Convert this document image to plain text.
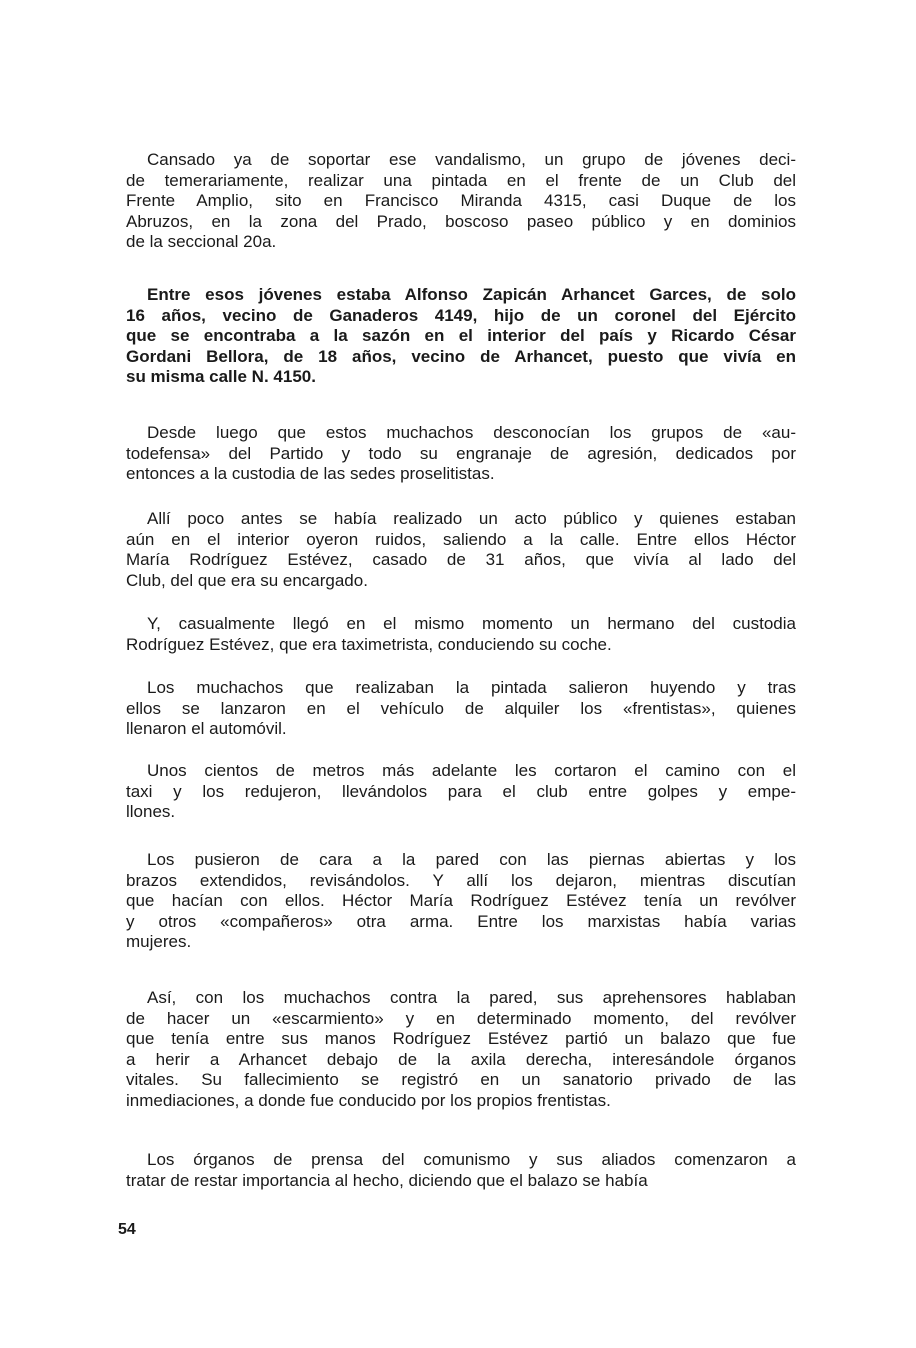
Cansado ya de soportar ese vandalismo, un grupo de jóvenes deci-
de temerariamente, realizar una pintada en el frente de un Club del
Frente Amplio, sito en Francisco Miranda 4315, casi Duque de los
Abruzos, en la zona del Prado, boscoso paseo público y en dominios
de la seccional 20a.
Entre esos jóvenes estaba Alfonso Zapicán Arhancet Garces, de solo
16 años, vecino de Ganaderos 4149, hijo de un coronel del Ejército
que se encontraba a la sazón en el interior del país y Ricardo César
Gordani Bellora, de 18 años, vecino de Arhancet, puesto que vivía en
su misma calle N. 4150.
Desde luego que estos muchachos desconocían los grupos de «au-
todefensa» del Partido y todo su engranaje de agresión, dedicados por
entonces a la custodia de las sedes proselitistas.
Allí poco antes se había realizado un acto público y quienes estaban
aún en el interior oyeron ruidos, saliendo a la calle. Entre ellos Héctor
María Rodríguez Estévez, casado de 31 años, que vivía al lado del
Club, del que era su encargado.
Y, casualmente llegó en el mismo momento un hermano del custodia
Rodríguez Estévez, que era taximetrista, conduciendo su coche.
Los muchachos que realizaban la pintada salieron huyendo y tras
ellos se lanzaron en el vehículo de alquiler los «frentistas», quienes
llenaron el automóvil.
Unos cientos de metros más adelante les cortaron el camino con el
taxi y los redujeron, llevándolos para el club entre golpes y empe-
llones.
Los pusieron de cara a la pared con las piernas abiertas y los
brazos extendidos, revisándolos. Y allí los dejaron, mientras discutían
que hacían con ellos. Héctor María Rodríguez Estévez tenía un revólver
y otros «compañeros» otra arma. Entre los marxistas había varias
mujeres.
Así, con los muchachos contra la pared, sus aprehensores hablaban
de hacer un «escarmiento» y en determinado momento, del revólver
que tenía entre sus manos Rodríguez Estévez partió un balazo que fue
a herir a Arhancet debajo de la axila derecha, interesándole órganos
vitales. Su fallecimiento se registró en un sanatorio privado de las
inmediaciones, a donde fue conducido por los propios frentistas.
Los órganos de prensa del comunismo y sus aliados comenzaron a
tratar de restar importancia al hecho, diciendo que el balazo se había
54
